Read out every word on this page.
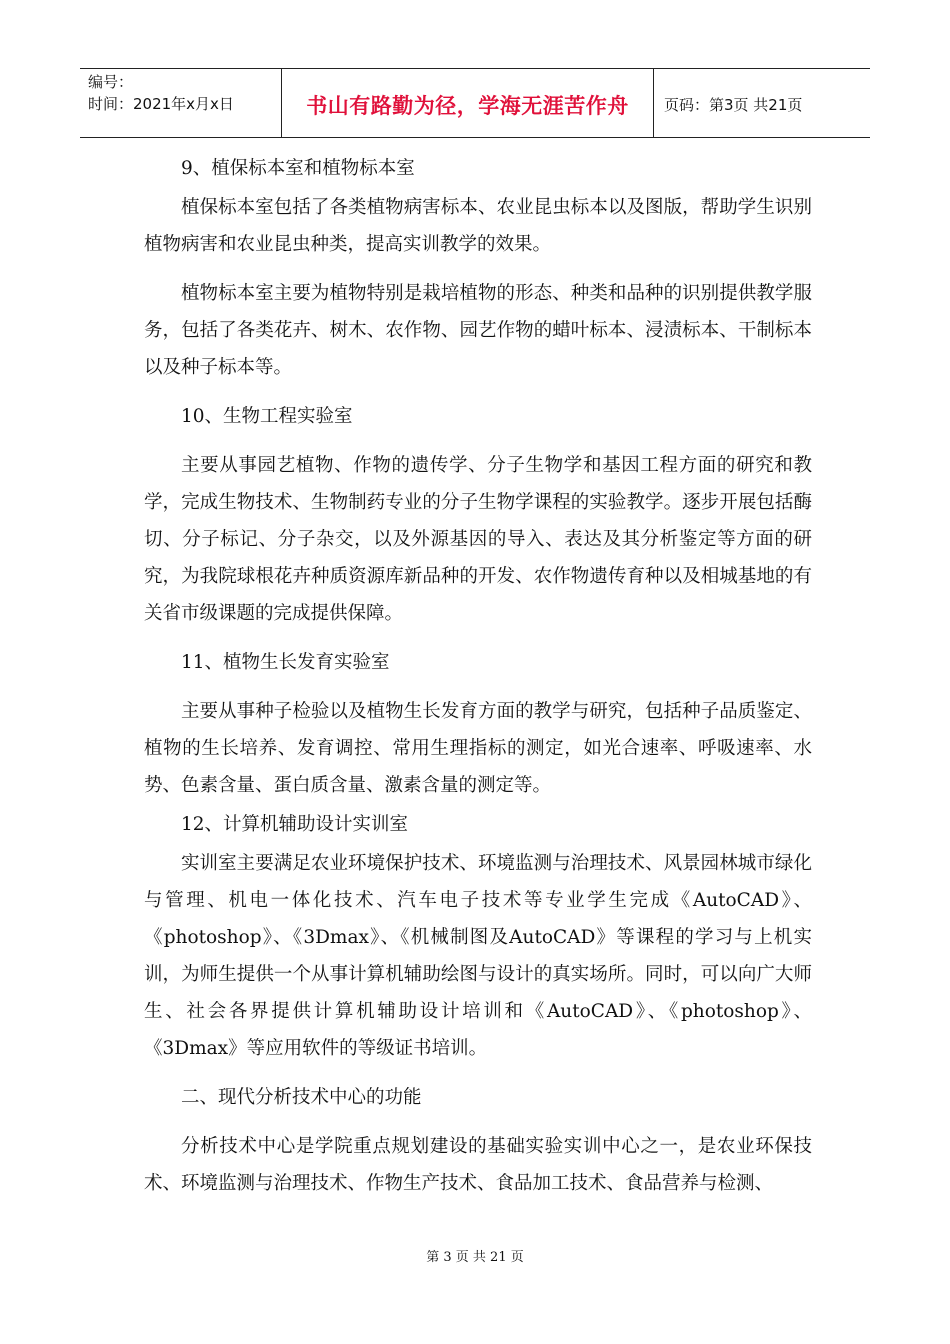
编号：
时间：2021年x月x日	书山有路勤为径，学海无涯苦作舟	页码：第3页 共21页
9、植保标本室和植物标本室

植保标本室包括了各类植物病害标本、农业昆虫标本以及图版，帮助学生识别植物病害和农业昆虫种类，提高实训教学的效果。

植物标本室主要为植物特别是栽培植物的形态、种类和品种的识别提供教学服务，包括了各类花卉、树木、农作物、园艺作物的蜡叶标本、浸渍标本、干制标本以及种子标本等。

10、生物工程实验室

主要从事园艺植物、作物的遗传学、分子生物学和基因工程方面的研究和教学，完成生物技术、生物制药专业的分子生物学课程的实验教学。逐步开展包括酶切、分子标记、分子杂交，以及外源基因的导入、表达及其分析鉴定等方面的研究，为我院球根花卉种质资源库新品种的开发、农作物遗传育种以及相城基地的有关省市级课题的完成提供保障。

11、植物生长发育实验室

主要从事种子检验以及植物生长发育方面的教学与研究，包括种子品质鉴定、植物的生长培养、发育调控、常用生理指标的测定，如光合速率、呼吸速率、水势、色素含量、蛋白质含量、激素含量的测定等。

12、计算机辅助设计实训室

实训室主要满足农业环境保护技术、环境监测与治理技术、风景园林城市绿化与管理、机电一体化技术、汽车电子技术等专业学生完成《AutoCAD》、《photoshop》、《3Dmax》、《机械制图及AutoCAD》等课程的学习与上机实训，为师生提供一个从事计算机辅助绘图与设计的真实场所。同时，可以向广大师生、社会各界提供计算机辅助设计培训和《AutoCAD》、《photoshop》、《3Dmax》等应用软件的等级证书培训。

二、现代分析技术中心的功能

分析技术中心是学院重点规划建设的基础实验实训中心之一，是农业环保技术、环境监测与治理技术、作物生产技术、食品加工技术、食品营养与检测、

第 3 页 共 21 页
